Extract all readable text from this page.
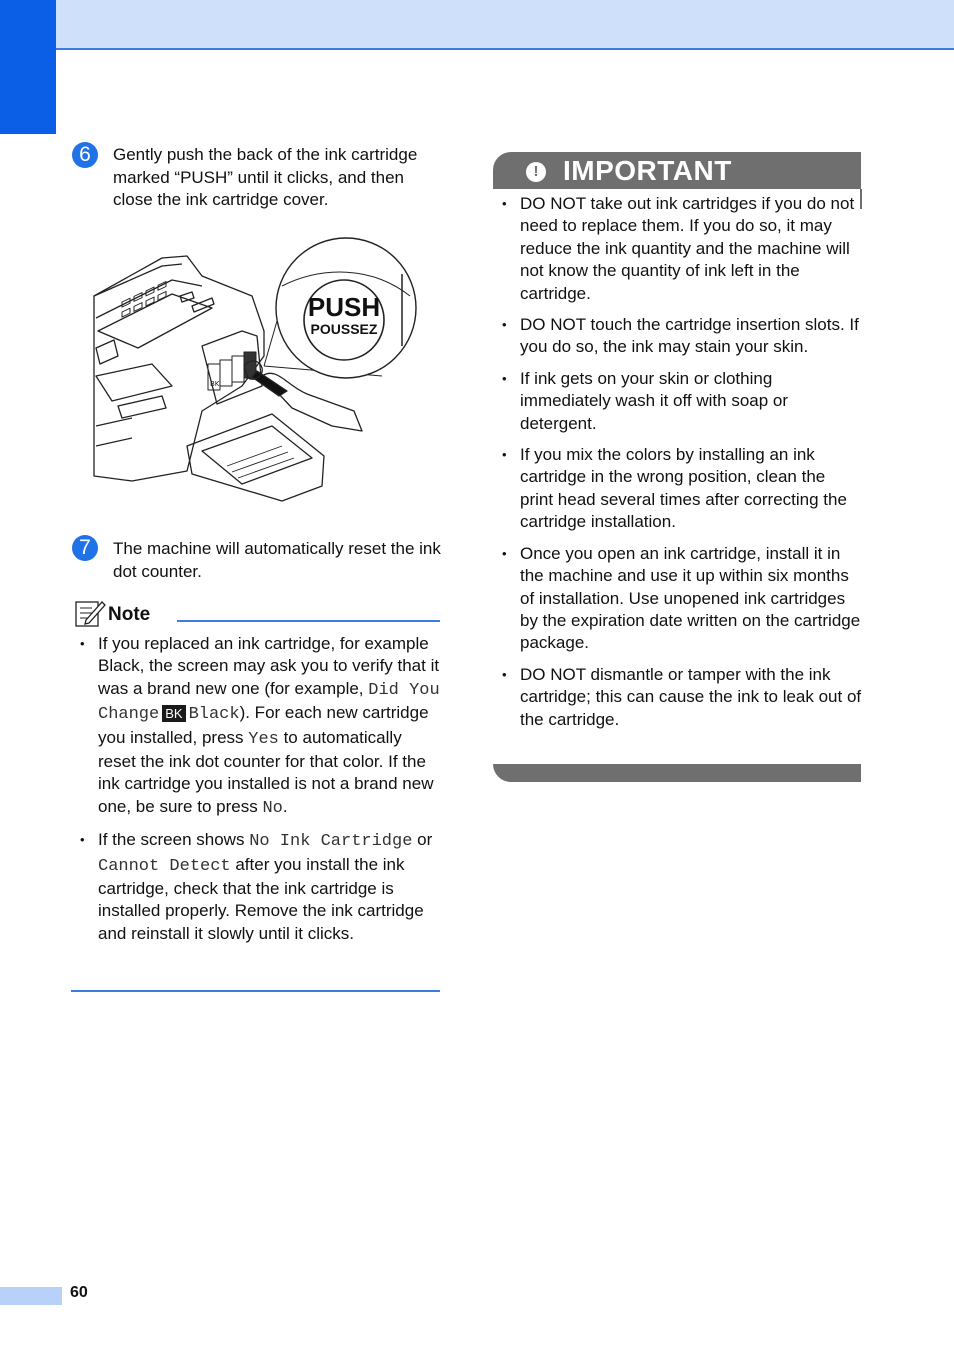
6	Gently push the back of the ink cartridge marked “PUSH” until it clicks, and then close the ink cartridge cover.
BK
PUSH
POUSSEZ
7	The machine will automatically reset the ink dot counter.
Note
• If you replaced an ink cartridge, for example Black, the screen may ask you to verify that it was a brand new one (for example, Did You Change BK Black). For each new cartridge you installed, press Yes to automatically reset the ink dot counter for that color. If the ink cartridge you installed is not a brand new one, be sure to press No.
• If the screen shows No Ink Cartridge or Cannot Detect after you install the ink cartridge, check that the ink cartridge is installed properly. Remove the ink cartridge and reinstall it slowly until it clicks.
! IMPORTANT
• DO NOT take out ink cartridges if you do not need to replace them. If you do so, it may reduce the ink quantity and the machine will not know the quantity of ink left in the cartridge.
• DO NOT touch the cartridge insertion slots. If you do so, the ink may stain your skin.
• If ink gets on your skin or clothing immediately wash it off with soap or detergent.
• If you mix the colors by installing an ink cartridge in the wrong position, clean the print head several times after correcting the cartridge installation.
• Once you open an ink cartridge, install it in the machine and use it up within six months of installation. Use unopened ink cartridges by the expiration date written on the cartridge package.
• DO NOT dismantle or tamper with the ink cartridge; this can cause the ink to leak out of the cartridge.
60
